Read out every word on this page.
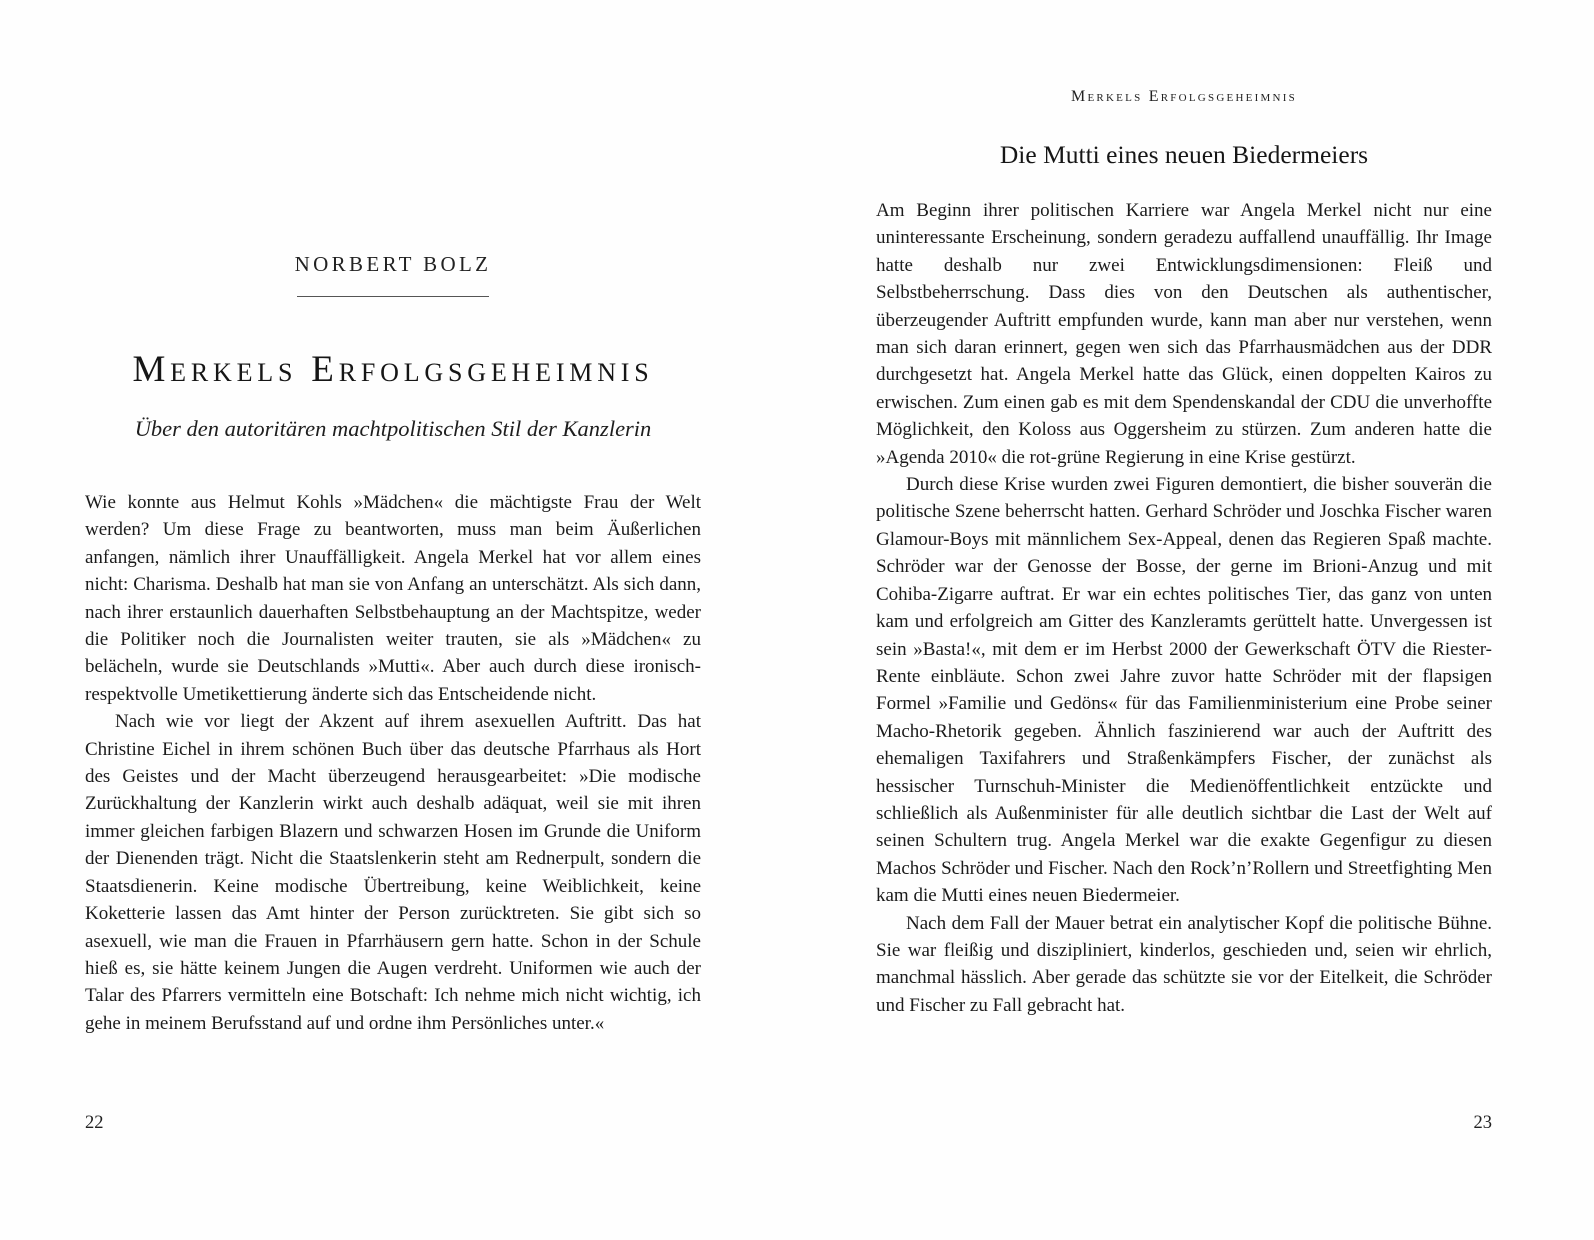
NORBERT BOLZ
Merkels Erfolgsgeheimnis
Über den autoritären machtpolitischen Stil der Kanzlerin

Wie konnte aus Helmut Kohls »Mädchen« die mächtigste Frau der Welt werden? Um diese Frage zu beantworten, muss man beim Äußerlichen anfangen, nämlich ihrer Unauffälligkeit. Angela Merkel hat vor allem eines nicht: Charisma. Deshalb hat man sie von Anfang an unterschätzt. Als sich dann, nach ihrer erstaunlich dauerhaften Selbstbehauptung an der Machtspitze, weder die Politiker noch die Journalisten weiter trauten, sie als »Mädchen« zu belächeln, wurde sie Deutschlands »Mutti«. Aber auch durch diese ironisch-respektvolle Umetikettierung änderte sich das Entscheidende nicht.

Nach wie vor liegt der Akzent auf ihrem asexuellen Auftritt. Das hat Christine Eichel in ihrem schönen Buch über das deutsche Pfarrhaus als Hort des Geistes und der Macht überzeugend herausgearbeitet: »Die modische Zurückhaltung der Kanzlerin wirkt auch deshalb adäquat, weil sie mit ihren immer gleichen farbigen Blazern und schwarzen Hosen im Grunde die Uniform der Dienenden trägt. Nicht die Staatslenkerin steht am Rednerpult, sondern die Staatsdienerin. Keine modische Übertreibung, keine Weiblichkeit, keine Koketterie lassen das Amt hinter der Person zurücktreten. Sie gibt sich so asexuell, wie man die Frauen in Pfarrhäusern gern hatte. Schon in der Schule hieß es, sie hätte keinem Jungen die Augen verdreht. Uniformen wie auch der Talar des Pfarrers vermitteln eine Botschaft: Ich nehme mich nicht wichtig, ich gehe in meinem Berufsstand auf und ordne ihm Persönliches unter.«

22
Merkels Erfolgsgeheimnis
Die Mutti eines neuen Biedermeiers

Am Beginn ihrer politischen Karriere war Angela Merkel nicht nur eine uninteressante Erscheinung, sondern geradezu auffallend unauffällig. Ihr Image hatte deshalb nur zwei Entwicklungsdimensionen: Fleiß und Selbstbeherrschung. Dass dies von den Deutschen als authentischer, überzeugender Auftritt empfunden wurde, kann man aber nur verstehen, wenn man sich daran erinnert, gegen wen sich das Pfarrhausmädchen aus der DDR durchgesetzt hat. Angela Merkel hatte das Glück, einen doppelten Kairos zu erwischen. Zum einen gab es mit dem Spendenskandal der CDU die unverhoffte Möglichkeit, den Koloss aus Oggersheim zu stürzen. Zum anderen hatte die »Agenda 2010« die rot-grüne Regierung in eine Krise gestürzt.

Durch diese Krise wurden zwei Figuren demontiert, die bisher souverän die politische Szene beherrscht hatten. Gerhard Schröder und Joschka Fischer waren Glamour-Boys mit männlichem Sex-Appeal, denen das Regieren Spaß machte. Schröder war der Genosse der Bosse, der gerne im Brioni-Anzug und mit Cohiba-Zigarre auftrat. Er war ein echtes politisches Tier, das ganz von unten kam und erfolgreich am Gitter des Kanzleramts gerüttelt hatte. Unvergessen ist sein »Basta!«, mit dem er im Herbst 2000 der Gewerkschaft ÖTV die Riester-Rente einbläute. Schon zwei Jahre zuvor hatte Schröder mit der flapsigen Formel »Familie und Gedöns« für das Familienministerium eine Probe seiner Macho-Rhetorik gegeben. Ähnlich faszinierend war auch der Auftritt des ehemaligen Taxifahrers und Straßenkämpfers Fischer, der zunächst als hessischer Turnschuh-Minister die Medienöffentlichkeit entzückte und schließlich als Außenminister für alle deutlich sichtbar die Last der Welt auf seinen Schultern trug. Angela Merkel war die exakte Gegenfigur zu diesen Machos Schröder und Fischer. Nach den Rock’n’Rollern und Streetfighting Men kam die Mutti eines neuen Biedermeier.

Nach dem Fall der Mauer betrat ein analytischer Kopf die politische Bühne. Sie war fleißig und diszipliniert, kinderlos, geschieden und, seien wir ehrlich, manchmal hässlich. Aber gerade das schützte sie vor der Eitelkeit, die Schröder und Fischer zu Fall gebracht hat.

23
